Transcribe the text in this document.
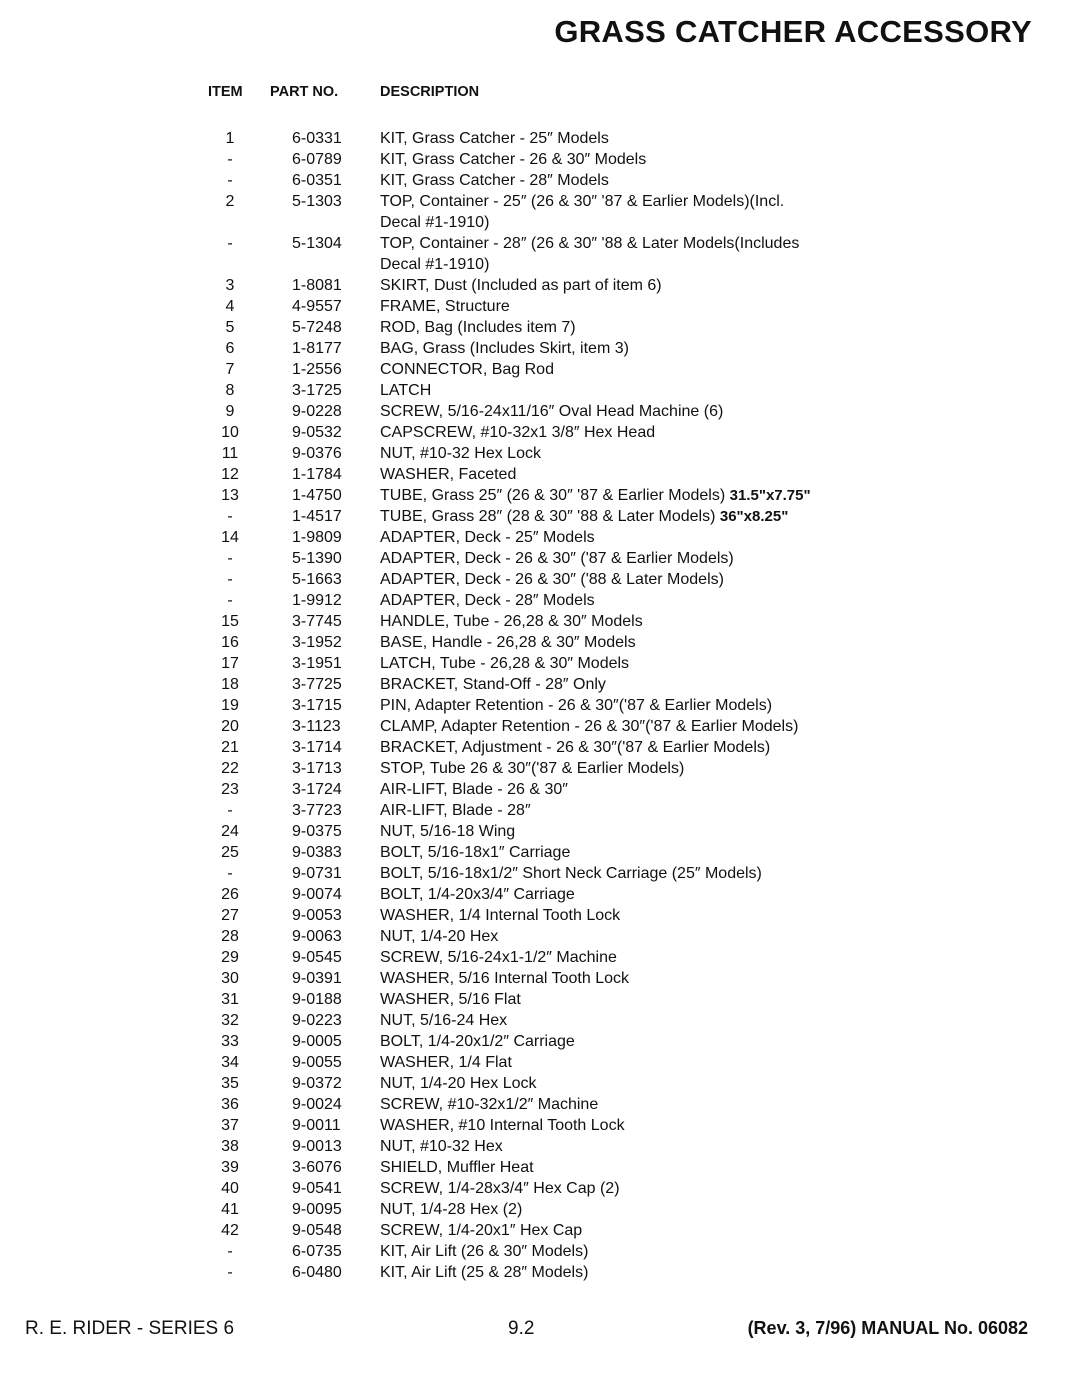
GRASS CATCHER ACCESSORY
ITEM PART NO.	DESCRIPTION
1	6-0331	KIT, Grass Catcher - 25″ Models
-	6-0789	KIT, Grass Catcher - 26 & 30″ Models
-	6-0351	KIT, Grass Catcher - 28″ Models
2	5-1303	TOP, Container - 25″ (26 & 30″ '87 & Earlier Models)(Incl.
Decal #1-1910)
-	5-1304	TOP, Container - 28″ (26 & 30″ '88 & Later Models(Includes
Decal #1-1910)
3	1-8081	SKIRT, Dust (Included as part of item 6)
4	4-9557	FRAME, Structure
5	5-7248	ROD, Bag (Includes item 7)
6	1-8177	BAG, Grass (Includes Skirt, item 3)
7	1-2556	CONNECTOR, Bag Rod
8	3-1725	LATCH
9	9-0228	SCREW, 5/16-24x11/16″ Oval Head Machine (6)
10	9-0532	CAPSCREW, #10-32x1 3/8″ Hex Head
11	9-0376	NUT, #10-32 Hex Lock
12	1-1784	WASHER, Faceted
13	1-4750	TUBE, Grass 25″ (26 & 30″ '87 & Earlier Models) 31.5"x7.75"
-	1-4517	TUBE, Grass 28″ (28 & 30″ '88 & Later Models) 36"x8.25"
14	1-9809	ADAPTER, Deck - 25″ Models
-	5-1390	ADAPTER, Deck - 26 & 30″ ('87 & Earlier Models)
-	5-1663	ADAPTER, Deck - 26 & 30″ ('88 & Later Models)
-	1-9912	ADAPTER, Deck - 28″ Models
15	3-7745	HANDLE, Tube - 26,28 & 30″ Models
16	3-1952	BASE, Handle - 26,28 & 30″ Models
17	3-1951	LATCH, Tube - 26,28 & 30″ Models
18	3-7725	BRACKET, Stand-Off - 28″ Only
19	3-1715	PIN, Adapter Retention - 26 & 30″('87 & Earlier Models)
20	3-1123	CLAMP, Adapter Retention - 26 & 30″('87 & Earlier Models)
21	3-1714	BRACKET, Adjustment - 26 & 30″('87 & Earlier Models)
22	3-1713	STOP, Tube 26 & 30″('87 & Earlier Models)
23	3-1724	AIR-LIFT, Blade - 26 & 30″
-	3-7723	AIR-LIFT, Blade - 28″
24	9-0375	NUT, 5/16-18 Wing
25	9-0383	BOLT, 5/16-18x1″ Carriage
-	9-0731	BOLT, 5/16-18x1/2″ Short Neck Carriage (25″ Models)
26	9-0074	BOLT, 1/4-20x3/4″ Carriage
27	9-0053	WASHER, 1/4 Internal Tooth Lock
28	9-0063	NUT, 1/4-20 Hex
29	9-0545	SCREW, 5/16-24x1-1/2″ Machine
30	9-0391	WASHER, 5/16 Internal Tooth Lock
31	9-0188	WASHER, 5/16 Flat
32	9-0223	NUT, 5/16-24 Hex
33	9-0005	BOLT, 1/4-20x1/2″ Carriage
34	9-0055	WASHER, 1/4 Flat
35	9-0372	NUT, 1/4-20 Hex Lock
36	9-0024	SCREW, #10-32x1/2″ Machine
37	9-0011	WASHER, #10 Internal Tooth Lock
38	9-0013	NUT, #10-32 Hex
39	3-6076	SHIELD, Muffler Heat
40	9-0541	SCREW, 1/4-28x3/4″ Hex Cap (2)
41	9-0095	NUT, 1/4-28 Hex (2)
42	9-0548	SCREW, 1/4-20x1″ Hex Cap
-	6-0735	KIT, Air Lift (26 & 30″ Models)
-	6-0480	KIT, Air Lift (25 & 28″ Models)
R. E. RIDER - SERIES 6	9.2	(Rev. 3, 7/96) MANUAL No. 06082
